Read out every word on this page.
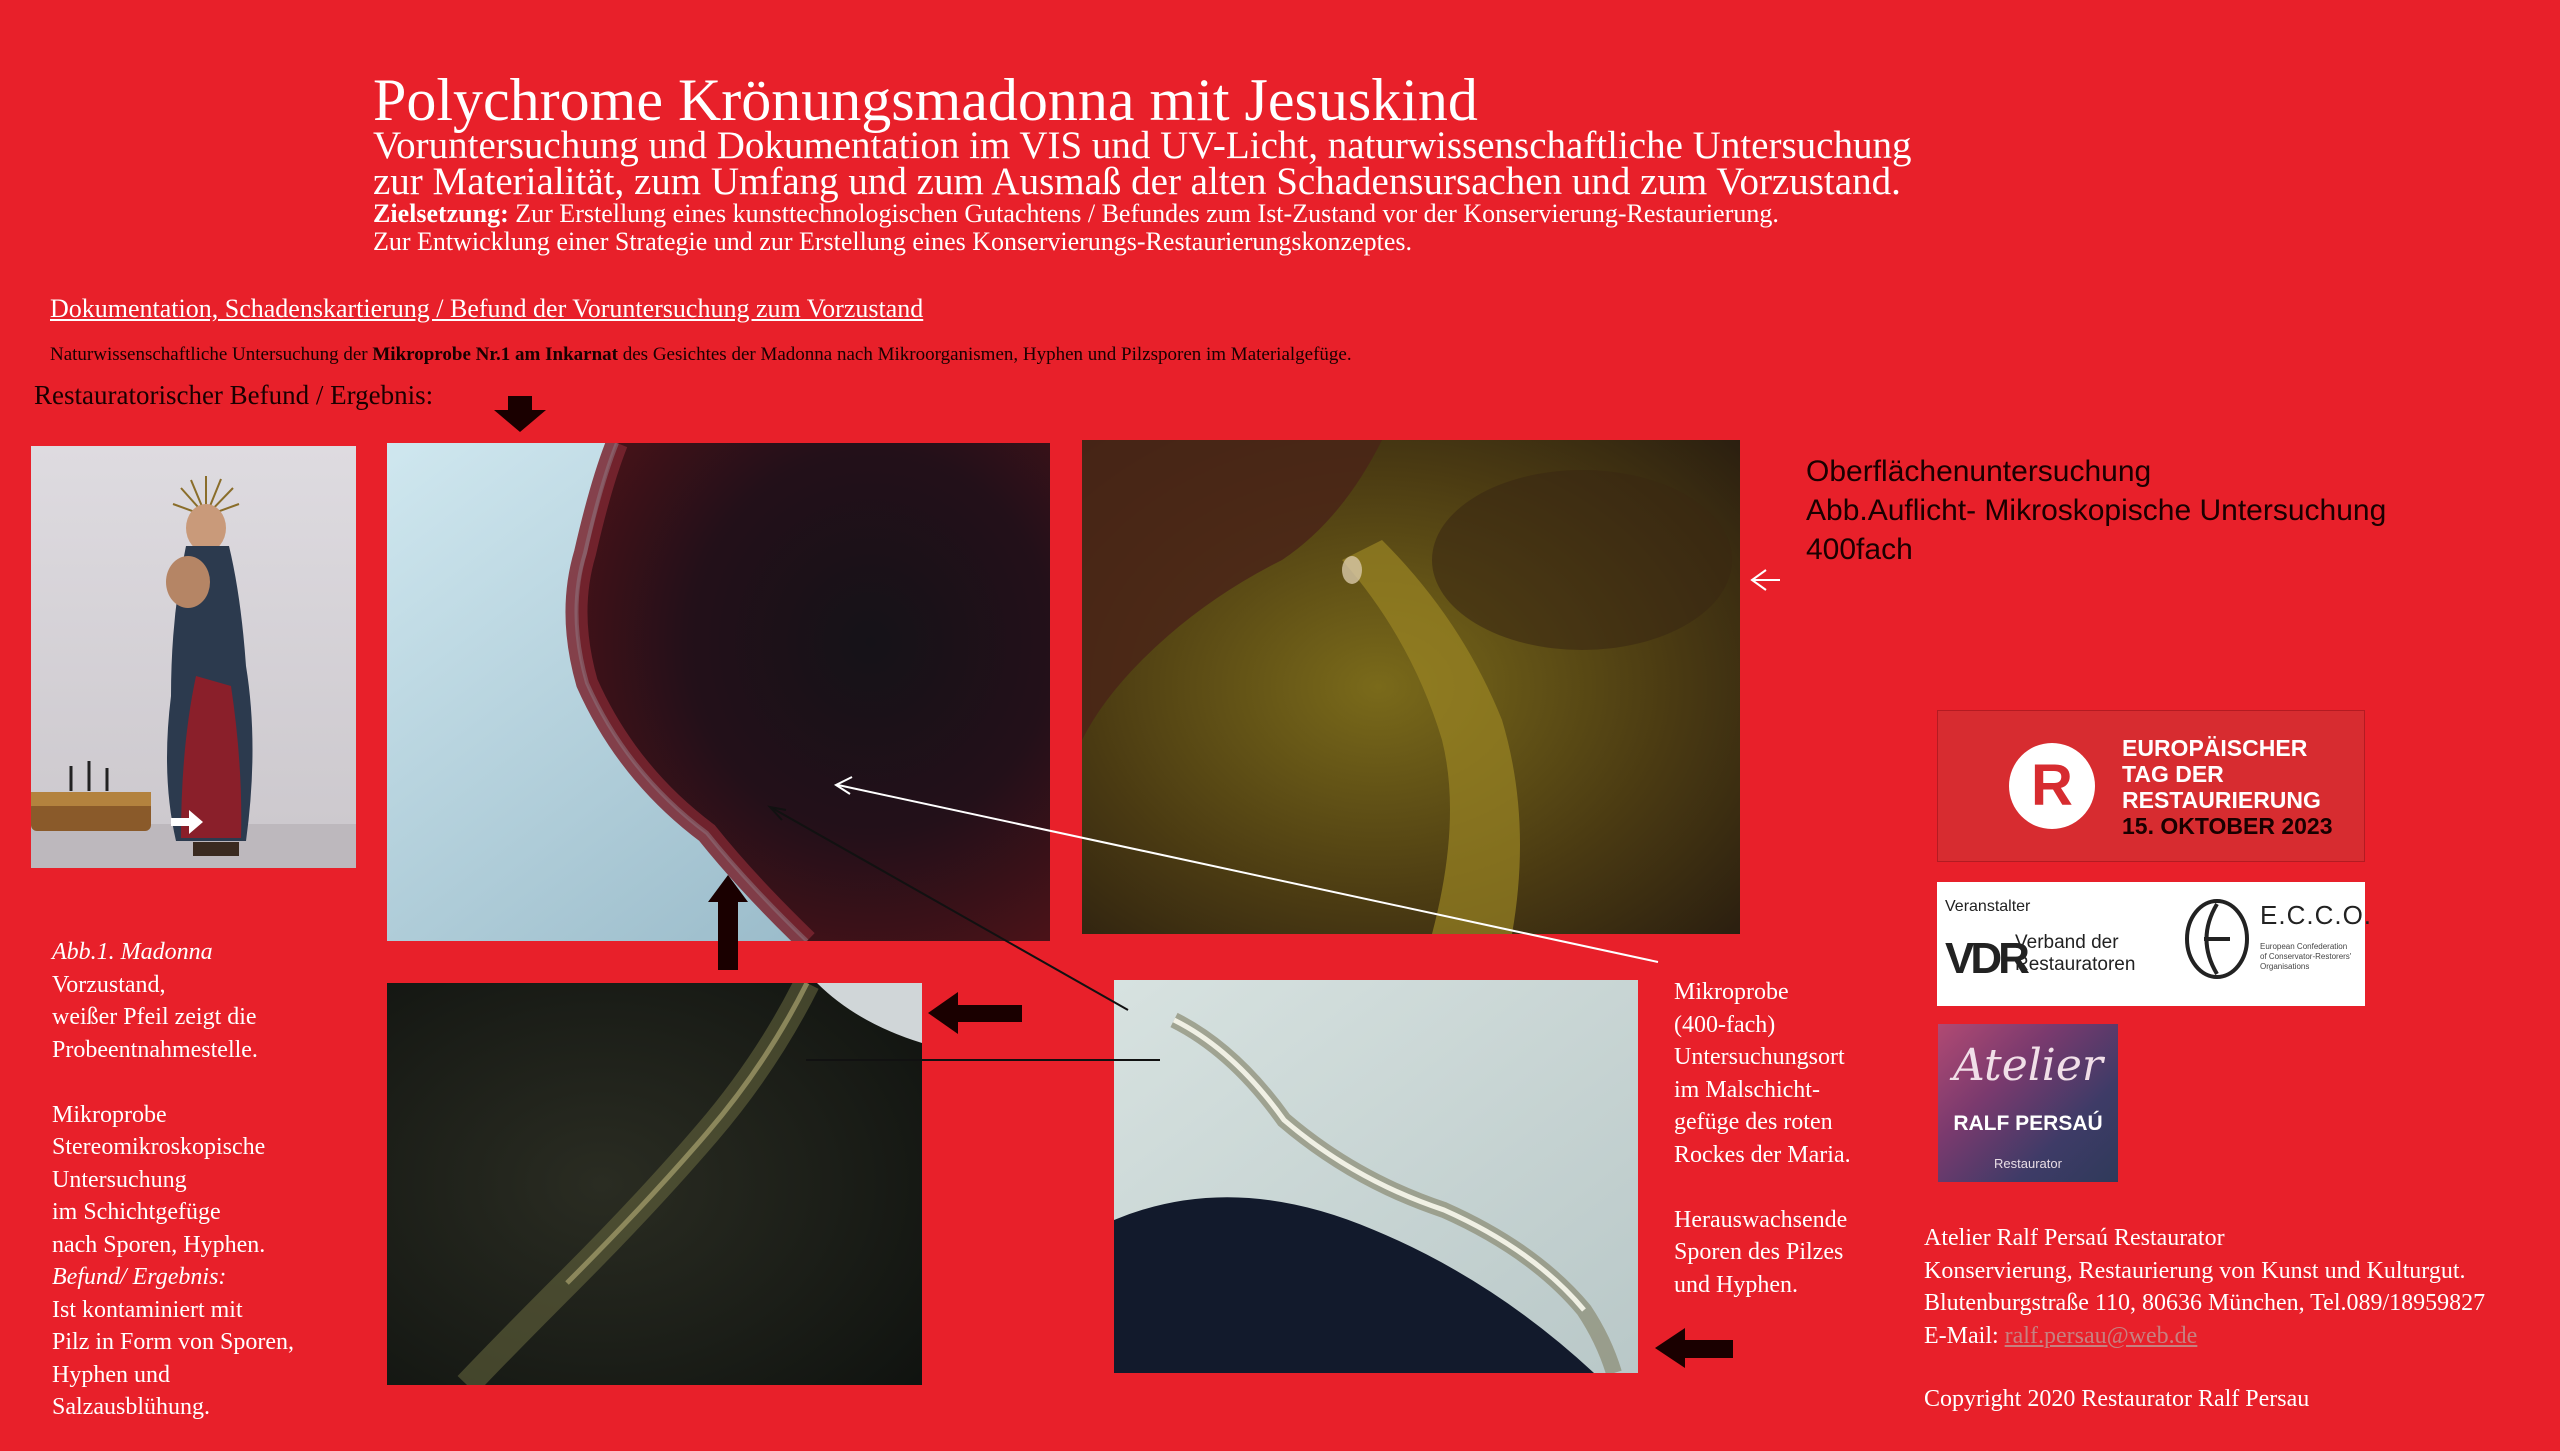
Polychrome Krönungsmadonna mit Jesuskind
Voruntersuchung und Dokumentation im VIS und UV-Licht, naturwissenschaftliche Untersuchung
zur Materialität, zum Umfang und zum Ausmaß der alten Schadensursachen und zum Vorzustand.
Zielsetzung: Zur Erstellung eines kunsttechnologischen Gutachtens / Befundes zum Ist-Zustand vor der Konservierung-Restaurierung.
Zur Entwicklung einer Strategie und zur Erstellung eines Konservierungs-Restaurierungskonzeptes.
Dokumentation, Schadenskartierung / Befund der Voruntersuchung zum Vorzustand
Naturwissenschaftliche Untersuchung der Mikroprobe Nr.1 am Inkarnat des Gesichtes der Madonna nach Mikroorganismen, Hyphen und Pilzsporen im Materialgefüge.
Restauratorischer Befund / Ergebnis:
Oberflächenuntersuchung
Abb.Auflicht- Mikroskopische Untersuchung
400fach
Abb.1. Madonna
Vorzustand,
weißer Pfeil zeigt die
Probeentnahmestelle.
Mikroprobe
Stereomikroskopische
Untersuchung
im Schichtgefüge
nach Sporen, Hyphen.
Befund/ Ergebnis:
Ist kontaminiert mit
Pilz in Form von Sporen,
Hyphen und
Salzausblühung.
Mikroprobe
(400-fach)
Untersuchungsort
im Malschicht-
gefüge des roten
Rockes der Maria.
Herauswachsende
Sporen des Pilzes
und Hyphen.
R
EUROPÄISCHER
TAG DER
RESTAURIERUNG
15. OKTOBER 2023
Veranstalter
VDR
Verband der
Restauratoren
E.C.C.O.
European Confederation of Conservator-Restorers' Organisations
Atelier
RALF PERSAÚ
Restaurator
Atelier Ralf Persaú Restaurator
Konservierung, Restaurierung von Kunst und Kulturgut.
Blutenburgstraße 110, 80636 München, Tel.089/18959827
E-Mail: ralf.persau@web.de
Copyright 2020 Restaurator Ralf Persau
